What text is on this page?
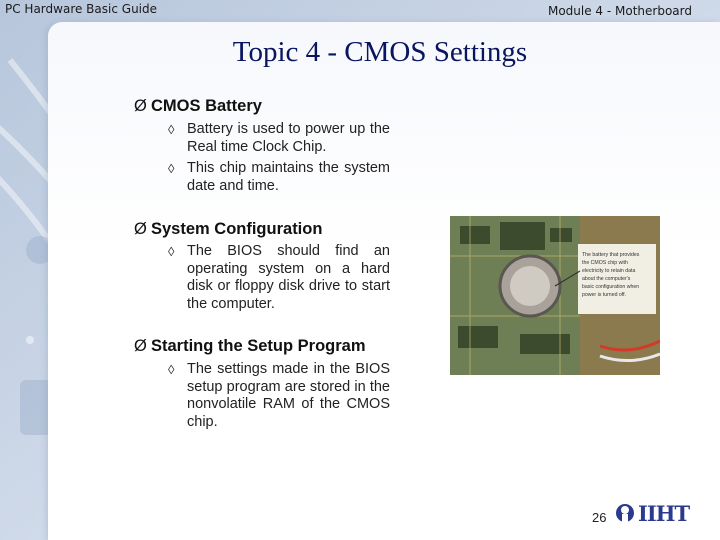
PC Hardware Basic Guide	Module 4 - Motherboard
Topic 4 - CMOS Settings
Ø CMOS Battery
◊ Battery is used to power up the Real time Clock Chip.
◊ This chip maintains the system date and time.
Ø System Configuration
◊ The BIOS should find an operating system on a hard disk or floppy disk drive to start the computer.
Ø Starting the Setup Program
◊ The settings made in the BIOS setup program are stored in the nonvolatile RAM of the CMOS chip.
The battery that provides
the CMOS chip with
electricity to retain data
about the computer's
basic configuration when
power is turned off.
26 IIHT
